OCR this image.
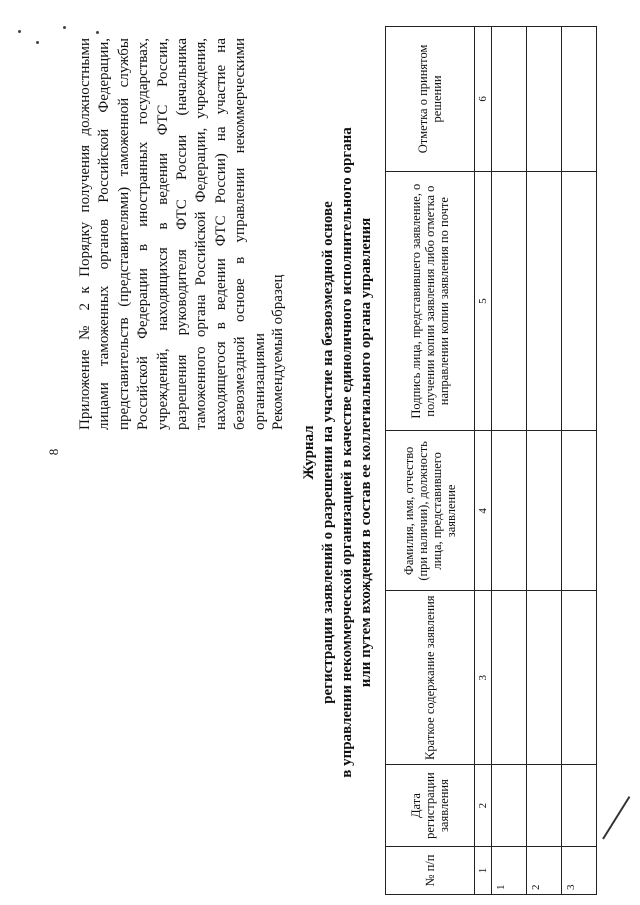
8
Приложение № 2 к Порядку получения должностными лицами таможенных органов Российской Федерации, представительств (представителями) таможенной службы Российской Федерации в иностранных государствах, учреждений, находящихся в ведении ФТС России, разрешения руководителя ФТС России (начальника таможенного органа Российской Федерации, учреждения, находящегося в ведении ФТС России) на участие на безвозмездной основе в управлении некоммерческими организациями Рекомендуемый образец
Журнал регистрации заявлений о разрешении на участие на безвозмездной основе в управлении некоммерческой организацией в качестве единоличного исполнительного органа или путем вхождения в состав ее коллегиального органа управления
№ п/п	Дата регистрации заявления	Краткое содержание заявления	Фамилия, имя, отчество (при наличии), должность лица, представившего заявление	Подпись лица, представившего заявление, о получении копии заявления либо отметка о направлении копии заявления по почте	Отметка о принятом решении
1	2	3	4	5	6
1					
2					
3					
